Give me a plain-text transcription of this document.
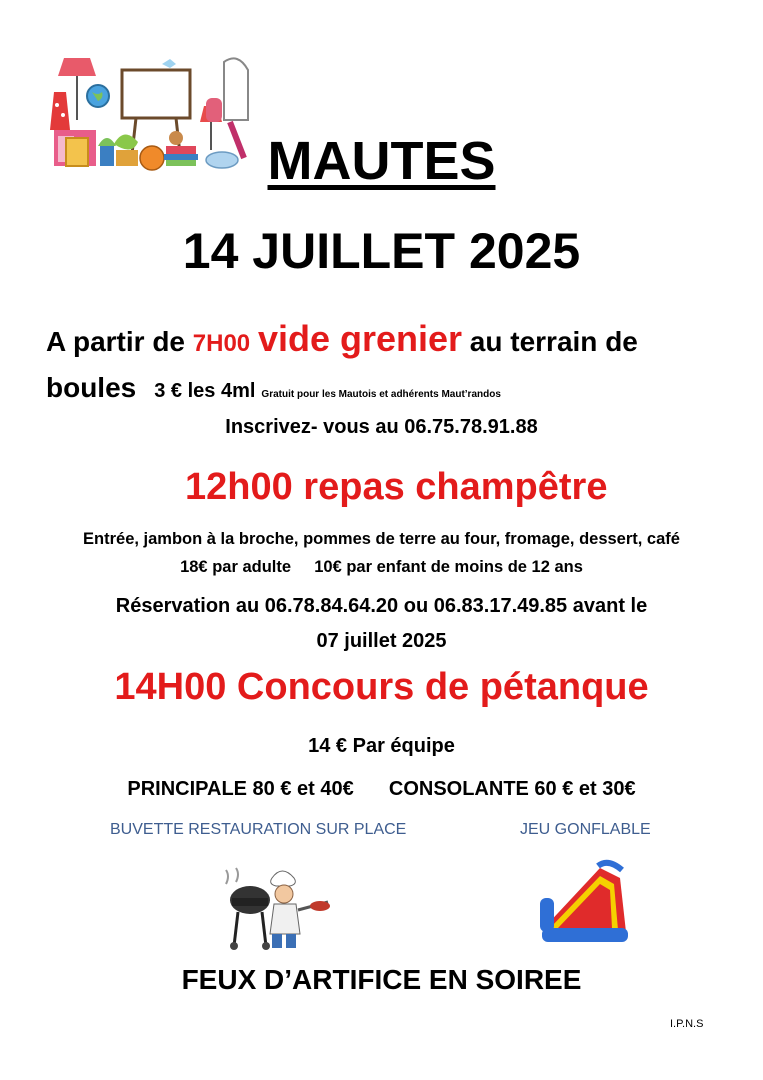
MAUTES
14 JUILLET 2025
A partir de 7H00 vide grenier au terrain de
boules 3 € les 4ml Gratuit pour les Mautois et adhérents Maut’randos
Inscrivez- vous au 06.75.78.91.88
12h00 repas champêtre
Entrée, jambon à la broche, pommes de terre au four, fromage, dessert, café
18€ par adulte 10€ par enfant de moins de 12 ans
Réservation au 06.78.84.64.20 ou 06.83.17.49.85 avant le
07 juillet 2025
14H00 Concours de pétanque
14 € Par équipe
PRINCIPALE 80 € et 40€ CONSOLANTE 60 € et 30€
BUVETTE RESTAURATION SUR PLACE	JEU GONFLABLE
FEUX D’ARTIFICE EN SOIREE
I.P.N.S
